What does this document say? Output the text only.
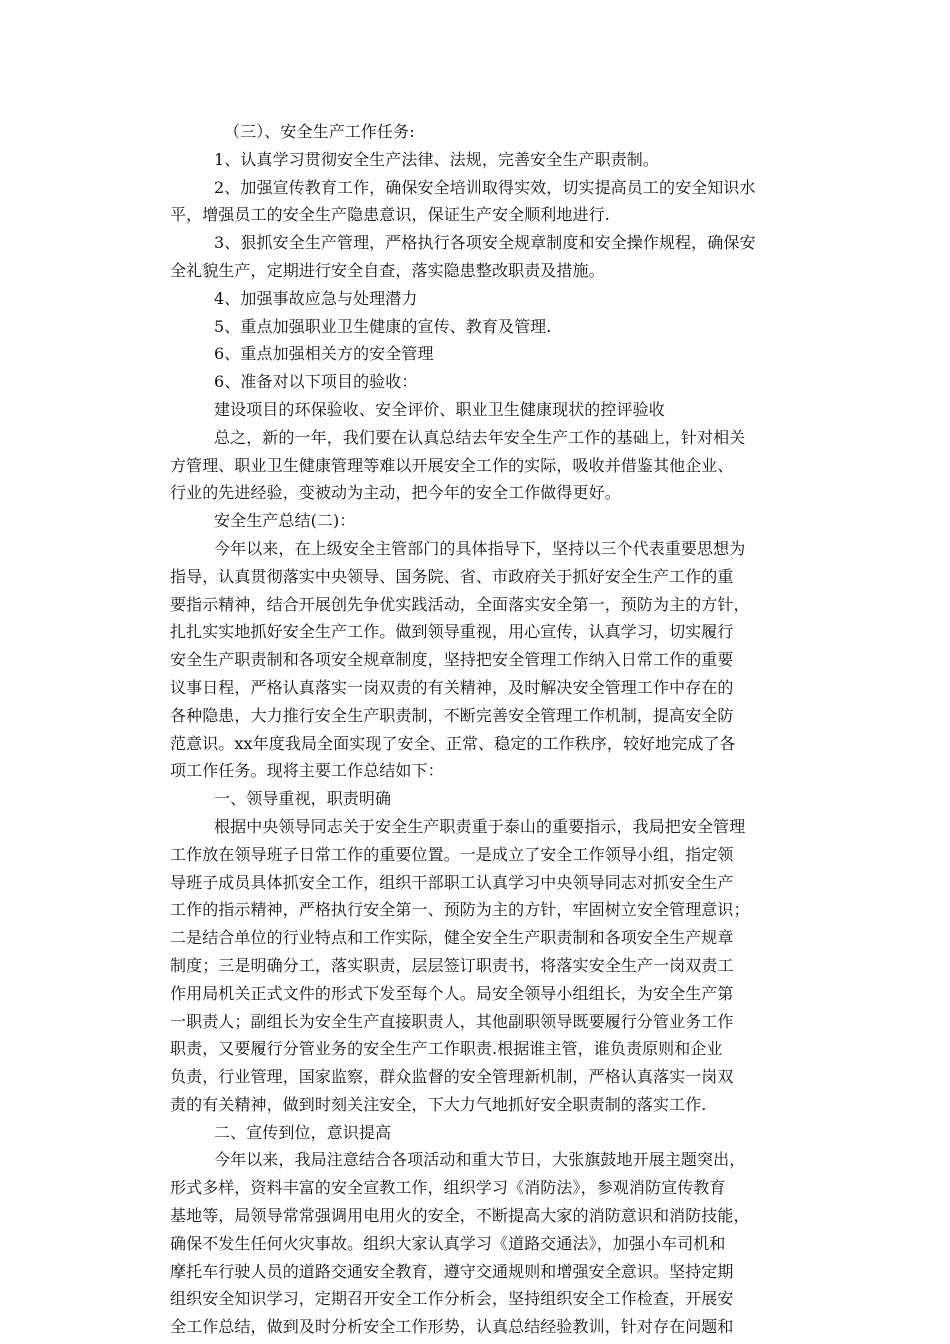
（三）、安全生产工作任务:
1、认真学习贯彻安全生产法律、法规，完善安全生产职责制。
2、加强宣传教育工作，确保安全培训取得实效，切实提高员工的安全知识水
平，增强员工的安全生产隐患意识，保证生产安全顺利地进行.
3、狠抓安全生产管理，严格执行各项安全规章制度和安全操作规程，确保安
全礼貌生产，定期进行安全自查，落实隐患整改职责及措施。
4、加强事故应急与处理潜力
5、重点加强职业卫生健康的宣传、教育及管理.
6、重点加强相关方的安全管理
6、准备对以下项目的验收：
建设项目的环保验收、安全评价、职业卫生健康现状的控评验收
总之，新的一年，我们要在认真总结去年安全生产工作的基础上，针对相关
方管理、职业卫生健康管理等难以开展安全工作的实际，吸收并借鉴其他企业、
行业的先进经验，变被动为主动，把今年的安全工作做得更好。
安全生产总结(二)：
今年以来，在上级安全主管部门的具体指导下，坚持以三个代表重要思想为
指导，认真贯彻落实中央领导、国务院、省、市政府关于抓好安全生产工作的重
要指示精神，结合开展创先争优实践活动，全面落实安全第一，预防为主的方针，
扎扎实实地抓好安全生产工作。做到领导重视，用心宣传，认真学习，切实履行
安全生产职责制和各项安全规章制度，坚持把安全管理工作纳入日常工作的重要
议事日程，严格认真落实一岗双责的有关精神，及时解决安全管理工作中存在的
各种隐患，大力推行安全生产职责制，不断完善安全管理工作机制，提高安全防
范意识。xx年度我局全面实现了安全、正常、稳定的工作秩序，较好地完成了各
项工作任务。现将主要工作总结如下：
一、领导重视，职责明确
根据中央领导同志关于安全生产职责重于泰山的重要指示，我局把安全管理
工作放在领导班子日常工作的重要位置。一是成立了安全工作领导小组，指定领
导班子成员具体抓安全工作，组织干部职工认真学习中央领导同志对抓安全生产
工作的指示精神，严格执行安全第一、预防为主的方针，牢固树立安全管理意识；
二是结合单位的行业特点和工作实际，健全安全生产职责制和各项安全生产规章
制度；三是明确分工，落实职责，层层签订职责书，将落实安全生产一岗双责工
作用局机关正式文件的形式下发至每个人。局安全领导小组组长，为安全生产第
一职责人；副组长为安全生产直接职责人，其他副职领导既要履行分管业务工作
职责，又要履行分管业务的安全生产工作职责.根据谁主管，谁负责原则和企业
负责，行业管理，国家监察，群众监督的安全管理新机制，严格认真落实一岗双
责的有关精神，做到时刻关注安全，下大力气地抓好安全职责制的落实工作.
二、宣传到位，意识提高
今年以来，我局注意结合各项活动和重大节日，大张旗鼓地开展主题突出，
形式多样，资料丰富的安全宣教工作，组织学习《消防法》，参观消防宣传教育
基地等，局领导常常强调用电用火的安全，不断提高大家的消防意识和消防技能，
确保不发生任何火灾事故。组织大家认真学习《道路交通法》，加强小车司机和
摩托车行驶人员的道路交通安全教育，遵守交通规则和增强安全意识。坚持定期
组织安全知识学习，定期召开安全工作分析会，坚持组织安全工作检查，开展安
全工作总结，做到及时分析安全工作形势，认真总结经验教训，针对存在问题和
